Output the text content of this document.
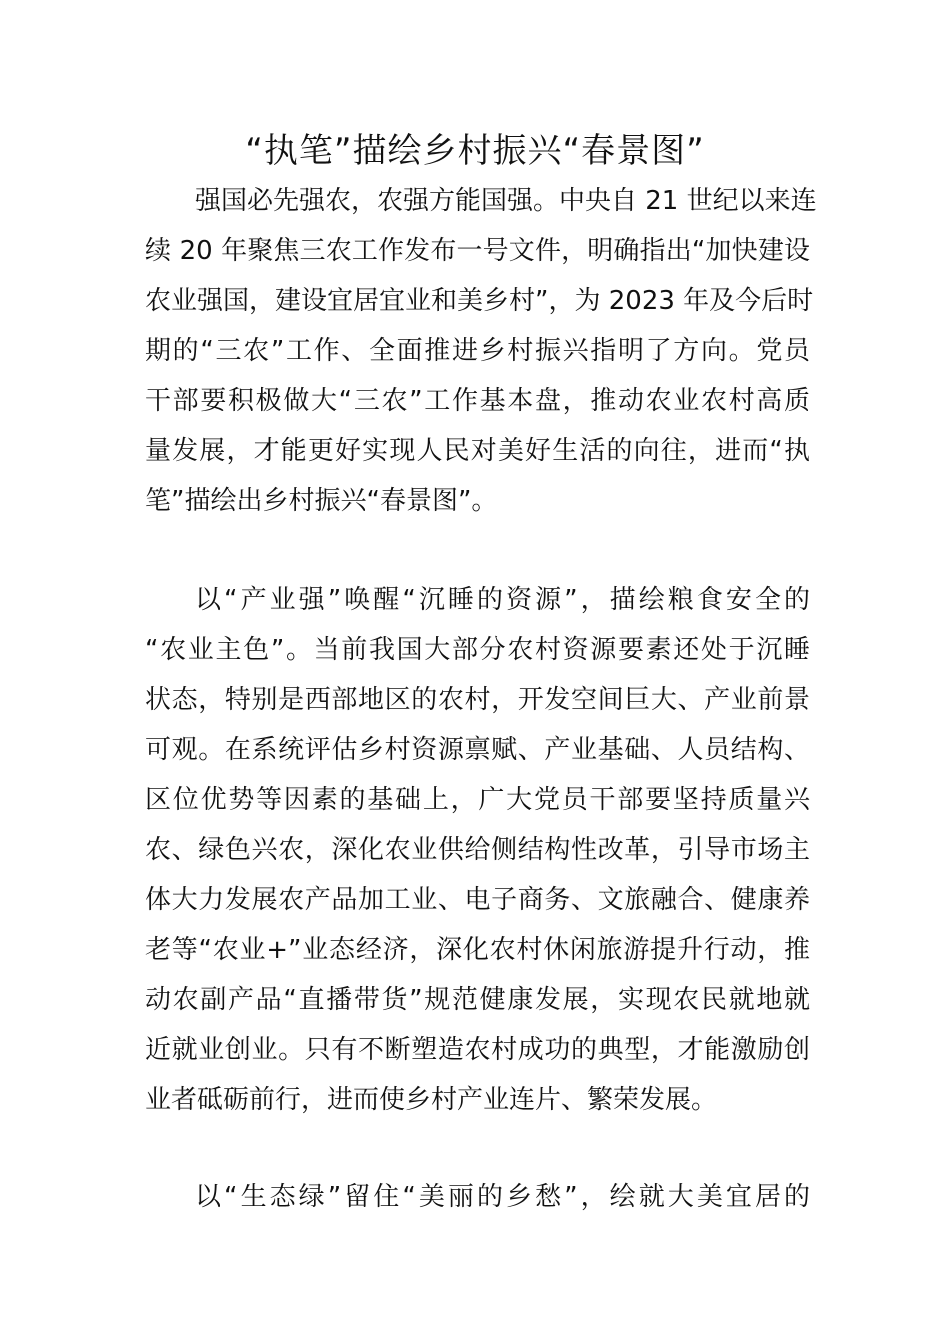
“执笔”描绘乡村振兴“春景图”
强国必先强农，农强方能国强。中央自 21 世纪以来连
续 20 年聚焦三农工作发布一号文件，明确指出“加快建设
农业强国，建设宜居宜业和美乡村”，为 2023 年及今后时
期的“三农”工作、全面推进乡村振兴指明了方向。党员
干部要积极做大“三农”工作基本盘，推动农业农村高质
量发展，才能更好实现人民对美好生活的向往，进而“执
笔”描绘出乡村振兴“春景图”。
以“产业强”唤醒“沉睡的资源”，描绘粮食安全的
“农业主色”。当前我国大部分农村资源要素还处于沉睡
状态，特别是西部地区的农村，开发空间巨大、产业前景
可观。在系统评估乡村资源禀赋、产业基础、人员结构、
区位优势等因素的基础上，广大党员干部要坚持质量兴
农、绿色兴农，深化农业供给侧结构性改革，引导市场主
体大力发展农产品加工业、电子商务、文旅融合、健康养
老等“农业+”业态经济，深化农村休闲旅游提升行动，推
动农副产品“直播带货”规范健康发展，实现农民就地就
近就业创业。只有不断塑造农村成功的典型，才能激励创
业者砥砺前行，进而使乡村产业连片、繁荣发展。
以“生态绿”留住“美丽的乡愁”，绘就大美宜居的
